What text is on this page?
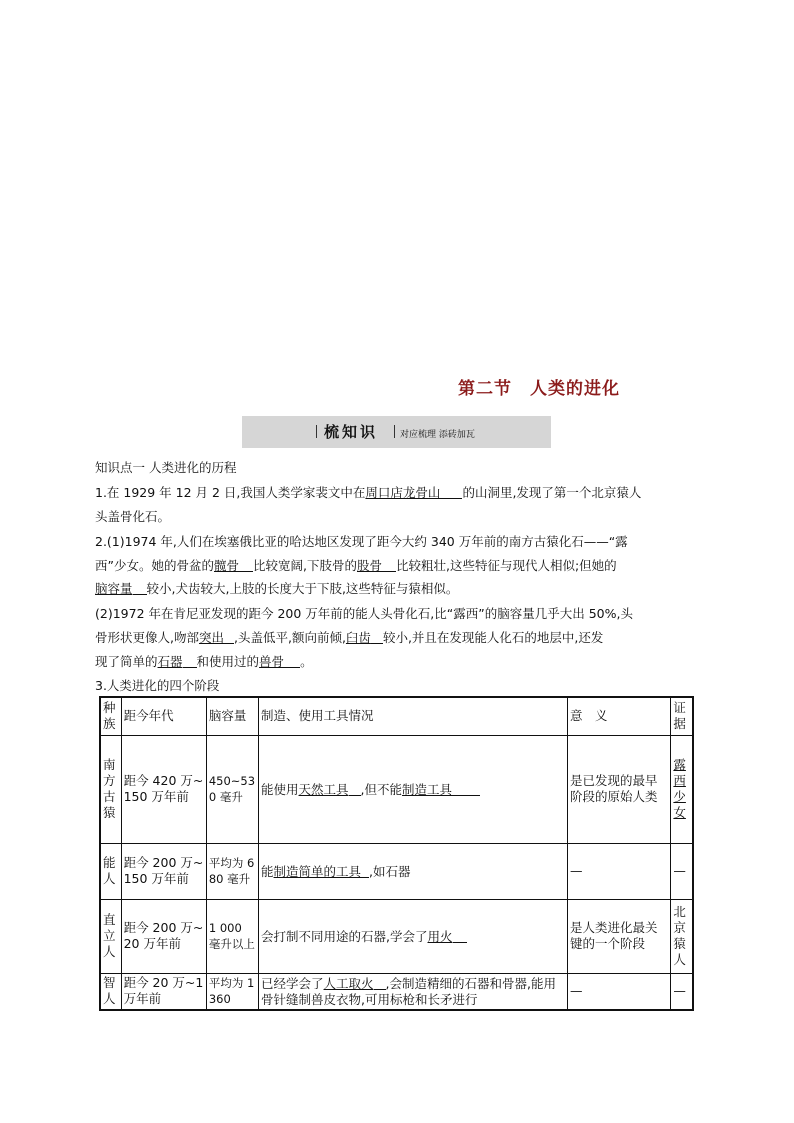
第二节 人类的进化
梳知识 对应梳理 添砖加瓦
知识点一 人类进化的历程
1.在 1929 年 12 月 2 日,我国人类学家裴文中在周口店龙骨山 的山洞里,发现了第一个北京猿人
头盖骨化石。
2.(1)1974 年,人们在埃塞俄比亚的哈达地区发现了距今大约 340 万年前的南方古猿化石——“露
西”少女。她的骨盆的髋骨 比较宽阔,下肢骨的股骨 比较粗壮,这些特征与现代人相似;但她的
脑容量 较小,犬齿较大,上肢的长度大于下肢,这些特征与猿相似。
(2)1972 年在肯尼亚发现的距今 200 万年前的能人头骨化石,比“露西”的脑容量几乎大出 50%,头
骨形状更像人,吻部突出 ,头盖低平,额向前倾,臼齿 较小,并且在发现能人化石的地层中,还发
现了简单的石器 和使用过的兽骨 。
3.人类进化的四个阶段
种族	距今年代	脑容量	制造、使用工具情况	意　义	证据
南方古猿	距今 420 万~150 万年前	450~530 毫升	能使用天然工具 ,但不能制造工具	是已发现的最早阶段的原始人类	露西少女
能人	距今 200 万~150 万年前	平均为 680 毫升	能制造简单的工具 ,如石器	—	—
直立人	距今 200 万~20 万年前	1 000 毫升以上	会打制不同用途的石器,学会了用火	是人类进化最关键的一个阶段	北京猿人
智人	距今 20 万~1 万年前	平均为 1 360	已经学会了人工取火 ,会制造精细的石器和骨器,能用骨针缝制兽皮衣物,可用标枪和长矛进行	—	—
